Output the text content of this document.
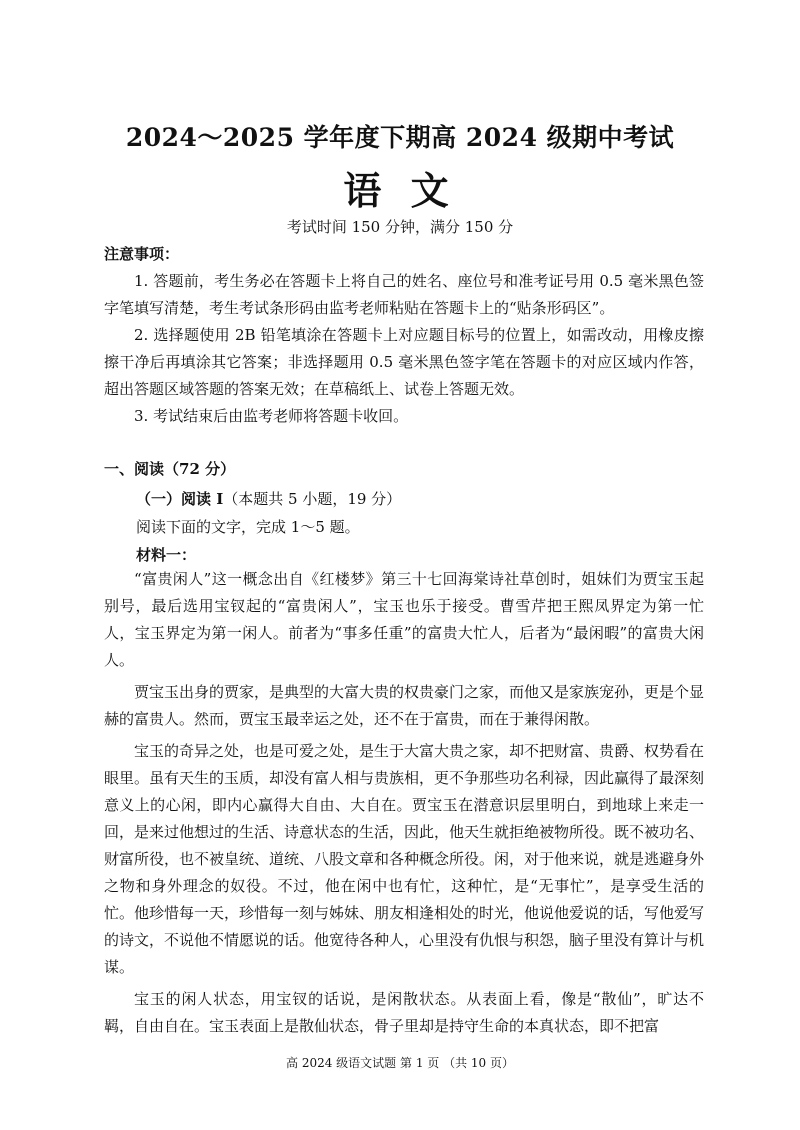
2024～2025 学年度下期高 2024 级期中考试
语 文
考试时间 150 分钟，满分 150 分
注意事项：

1. 答题前，考生务必在答题卡上将自己的姓名、座位号和准考证号用 0.5 毫米黑色签字笔填写清楚，考生考试条形码由监考老师粘贴在答题卡上的“贴条形码区”。

2. 选择题使用 2B 铅笔填涂在答题卡上对应题目标号的位置上，如需改动，用橡皮擦擦干净后再填涂其它答案；非选择题用 0.5 毫米黑色签字笔在答题卡的对应区域内作答，超出答题区域答题的答案无效；在草稿纸上、试卷上答题无效。

3. 考试结束后由监考老师将答题卡收回。

一、阅读（72 分）
（一）阅读 Ⅰ（本题共 5 小题，19 分）
阅读下面的文字，完成 1～5 题。
材料一：

“富贵闲人”这一概念出自《红楼梦》第三十七回海棠诗社草创时，姐妹们为贾宝玉起别号，最后选用宝钗起的“富贵闲人”，宝玉也乐于接受。曹雪芹把王熙凤界定为第一忙人，宝玉界定为第一闲人。前者为“事多任重”的富贵大忙人，后者为“最闲暇”的富贵大闲人。

贾宝玉出身的贾家，是典型的大富大贵的权贵豪门之家，而他又是家族宠孙，更是个显赫的富贵人。然而，贾宝玉最幸运之处，还不在于富贵，而在于兼得闲散。

宝玉的奇异之处，也是可爱之处，是生于大富大贵之家，却不把财富、贵爵、权势看在眼里。虽有天生的玉质，却没有富人相与贵族相，更不争那些功名利禄，因此赢得了最深刻意义上的心闲，即内心赢得大自由、大自在。贾宝玉在潜意识层里明白，到地球上来走一回，是来过他想过的生活、诗意状态的生活，因此，他天生就拒绝被物所役。既不被功名、财富所役，也不被皇统、道统、八股文章和各种概念所役。闲，对于他来说，就是逃避身外之物和身外理念的奴役。不过，他在闲中也有忙，这种忙，是“无事忙”，是享受生活的忙。他珍惜每一天，珍惜每一刻与姊妹、朋友相逢相处的时光，他说他爱说的话，写他爱写的诗文，不说他不情愿说的话。他宽待各种人，心里没有仇恨与积怨，脑子里没有算计与机谋。

宝玉的闲人状态，用宝钗的话说，是闲散状态。从表面上看，像是“散仙”，旷达不羁，自由自在。宝玉表面上是散仙状态，骨子里却是持守生命的本真状态，即不把富

高 2024 级语文试题 第 1 页 （共 10 页）
